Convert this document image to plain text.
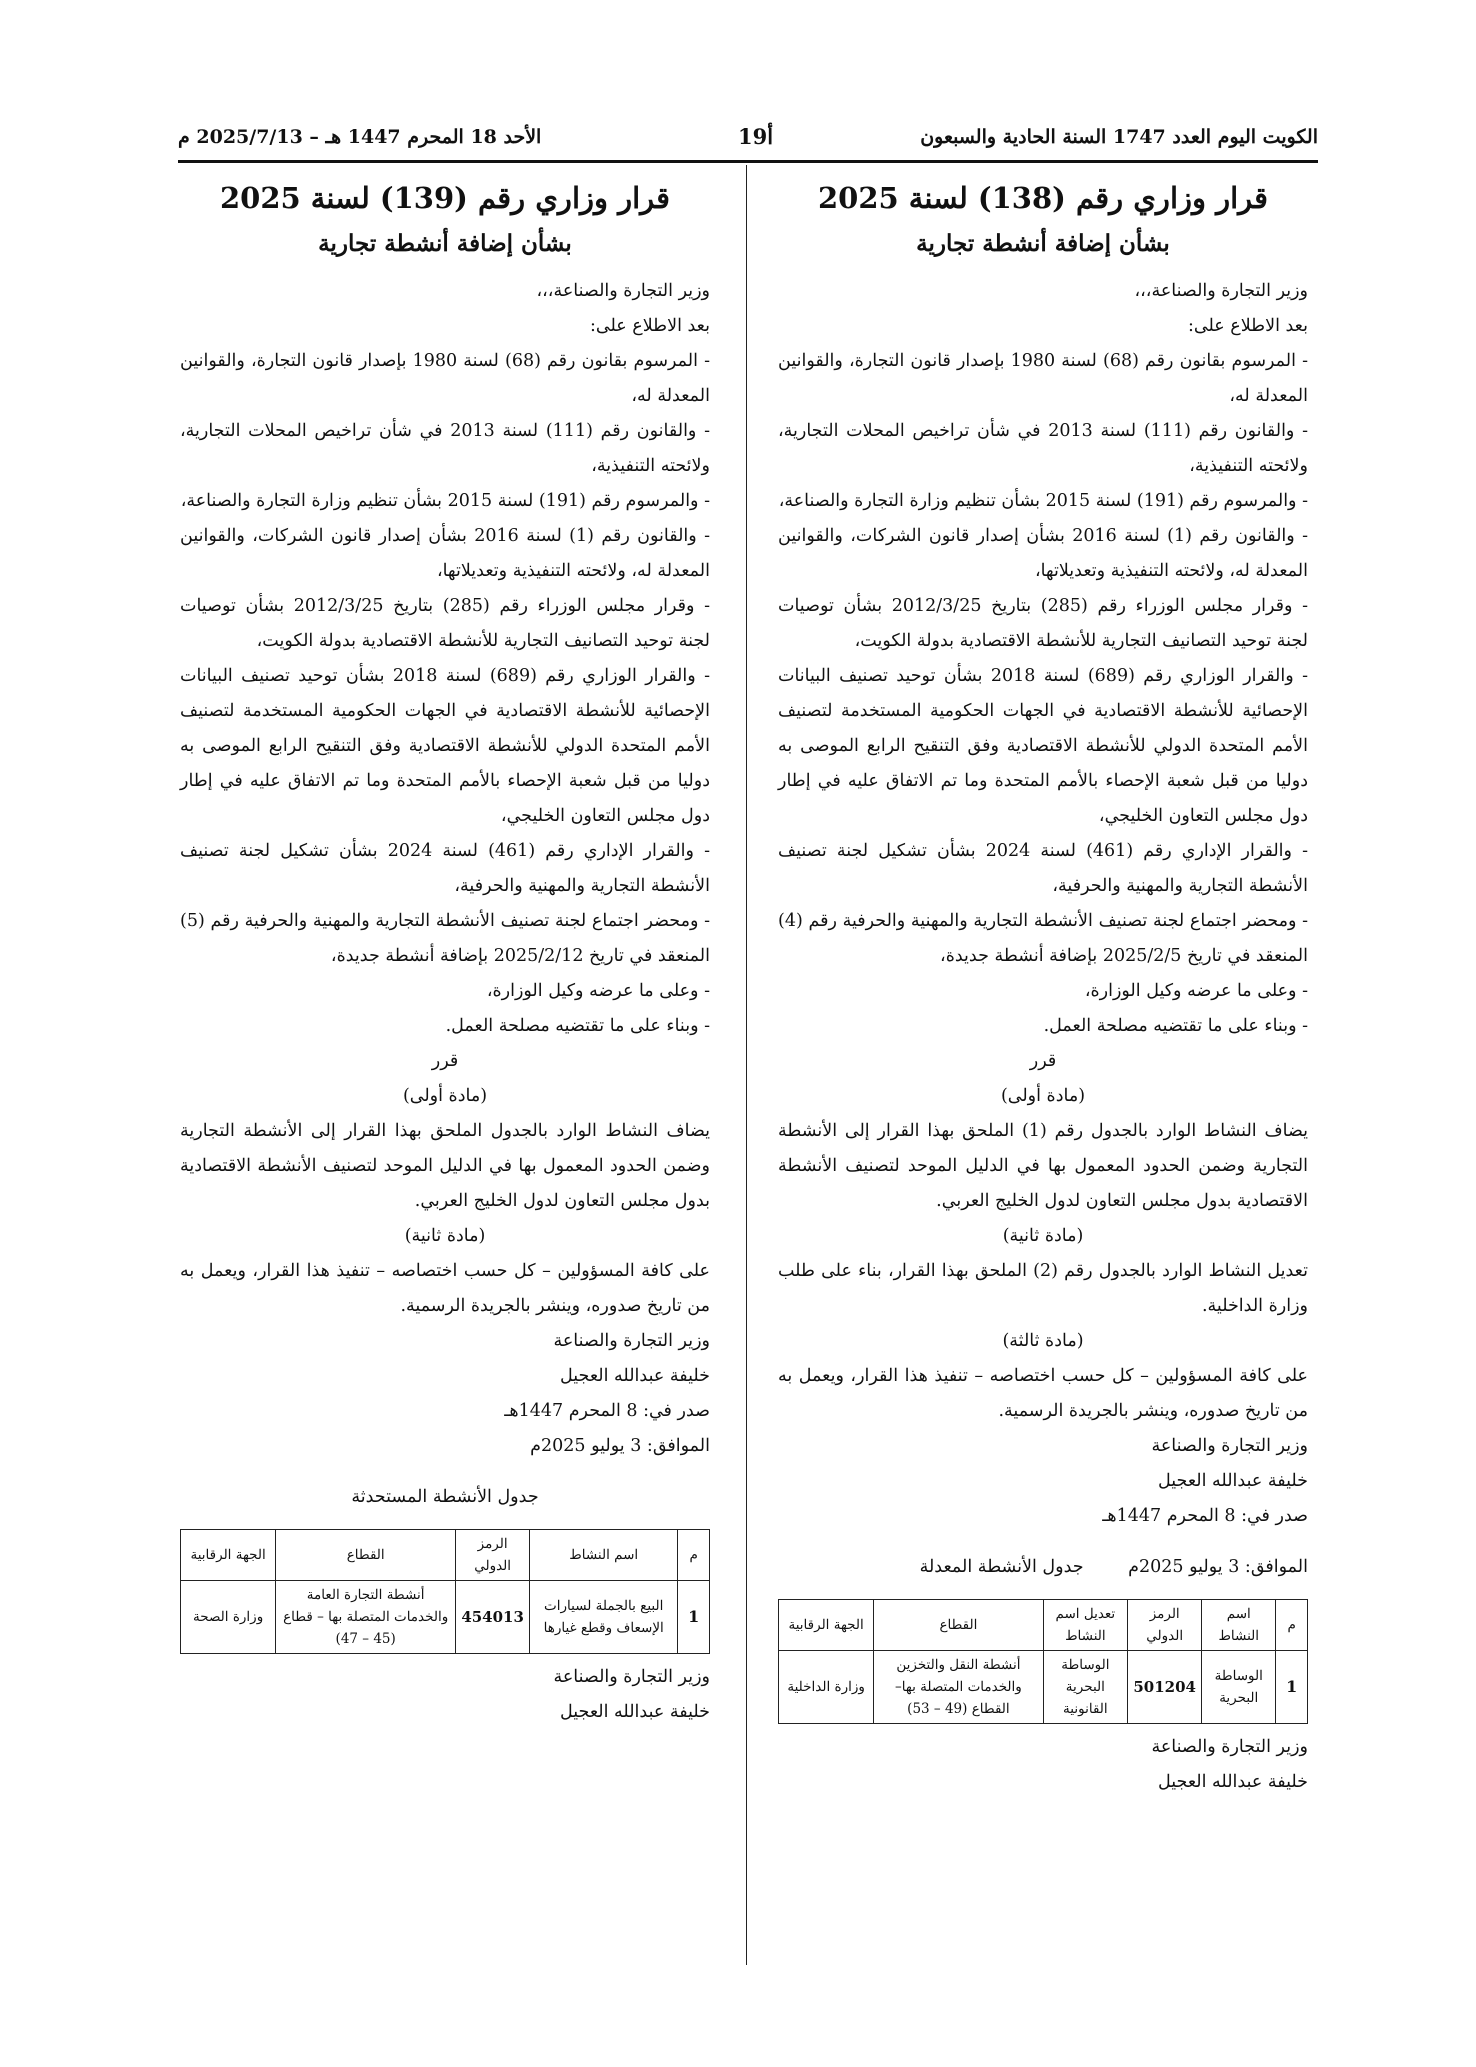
الكويت اليوم العدد 1747 السنة الحادية والسبعون
19أ
الأحد 18 المحرم 1447 هـ – 2025/7/13 م
قرار وزاري رقم (138) لسنة 2025
بشأن إضافة أنشطة تجارية

وزير التجارة والصناعة،،،

بعد الاطلاع على:

- المرسوم بقانون رقم (68) لسنة 1980 بإصدار قانون التجارة، والقوانين المعدلة له،

- والقانون رقم (111) لسنة 2013 في شأن تراخيص المحلات التجارية، ولائحته التنفيذية،

- والمرسوم رقم (191) لسنة 2015 بشأن تنظيم وزارة التجارة والصناعة،

- والقانون رقم (1) لسنة 2016 بشأن إصدار قانون الشركات، والقوانين المعدلة له، ولائحته التنفيذية وتعديلاتها،

- وقرار مجلس الوزراء رقم (285) بتاريخ 2012/3/25 بشأن توصيات لجنة توحيد التصانيف التجارية للأنشطة الاقتصادية بدولة الكويت،

- والقرار الوزاري رقم (689) لسنة 2018 بشأن توحيد تصنيف البيانات الإحصائية للأنشطة الاقتصادية في الجهات الحكومية المستخدمة لتصنيف الأمم المتحدة الدولي للأنشطة الاقتصادية وفق التنقيح الرابع الموصى به دوليا من قبل شعبة الإحصاء بالأمم المتحدة وما تم الاتفاق عليه في إطار دول مجلس التعاون الخليجي،

- والقرار الإداري رقم (461) لسنة 2024 بشأن تشكيل لجنة تصنيف الأنشطة التجارية والمهنية والحرفية،

- ومحضر اجتماع لجنة تصنيف الأنشطة التجارية والمهنية والحرفية رقم (4) المنعقد في تاريخ 2025/2/5 بإضافة أنشطة جديدة،

- وعلى ما عرضه وكيل الوزارة،

- وبناء على ما تقتضيه مصلحة العمل.

قرر

(مادة أولى)

يضاف النشاط الوارد بالجدول رقم (1) الملحق بهذا القرار إلى الأنشطة التجارية وضمن الحدود المعمول بها في الدليل الموحد لتصنيف الأنشطة الاقتصادية بدول مجلس التعاون لدول الخليج العربي.

(مادة ثانية)

تعديل النشاط الوارد بالجدول رقم (2) الملحق بهذا القرار، بناء على طلب وزارة الداخلية.

(مادة ثالثة)

على كافة المسؤولين – كل حسب اختصاصه – تنفيذ هذا القرار، ويعمل به من تاريخ صدوره، وينشر بالجريدة الرسمية.

وزير التجارة والصناعة

خليفة عبدالله العجيل

صدر في: 8 المحرم 1447هـ

الموافق: 3 يوليو 2025م        جدول الأنشطة المعدلة

م	اسم النشاط	الرمز الدولي	تعديل اسم النشاط	القطاع	الجهة الرقابية
1	الوساطة البحرية	501204	الوساطة البحرية القانونية	أنشطة النقل والتخزين والخدمات المتصلة بها– القطاع (49 – 53)	وزارة الداخلية

وزير التجارة والصناعة

خليفة عبدالله العجيل

قرار وزاري رقم (139) لسنة 2025
بشأن إضافة أنشطة تجارية

وزير التجارة والصناعة،،،

بعد الاطلاع على:

- المرسوم بقانون رقم (68) لسنة 1980 بإصدار قانون التجارة، والقوانين المعدلة له،

- والقانون رقم (111) لسنة 2013 في شأن تراخيص المحلات التجارية، ولائحته التنفيذية،

- والمرسوم رقم (191) لسنة 2015 بشأن تنظيم وزارة التجارة والصناعة،

- والقانون رقم (1) لسنة 2016 بشأن إصدار قانون الشركات، والقوانين المعدلة له، ولائحته التنفيذية وتعديلاتها،

- وقرار مجلس الوزراء رقم (285) بتاريخ 2012/3/25 بشأن توصيات لجنة توحيد التصانيف التجارية للأنشطة الاقتصادية بدولة الكويت،

- والقرار الوزاري رقم (689) لسنة 2018 بشأن توحيد تصنيف البيانات الإحصائية للأنشطة الاقتصادية في الجهات الحكومية المستخدمة لتصنيف الأمم المتحدة الدولي للأنشطة الاقتصادية وفق التنقيح الرابع الموصى به دوليا من قبل شعبة الإحصاء بالأمم المتحدة وما تم الاتفاق عليه في إطار دول مجلس التعاون الخليجي،

- والقرار الإداري رقم (461) لسنة 2024 بشأن تشكيل لجنة تصنيف الأنشطة التجارية والمهنية والحرفية،

- ومحضر اجتماع لجنة تصنيف الأنشطة التجارية والمهنية والحرفية رقم (5) المنعقد في تاريخ 2025/2/12 بإضافة أنشطة جديدة،

- وعلى ما عرضه وكيل الوزارة،

- وبناء على ما تقتضيه مصلحة العمل.

قرر

(مادة أولى)

يضاف النشاط الوارد بالجدول الملحق بهذا القرار إلى الأنشطة التجارية وضمن الحدود المعمول بها في الدليل الموحد لتصنيف الأنشطة الاقتصادية بدول مجلس التعاون لدول الخليج العربي.

(مادة ثانية)

على كافة المسؤولين – كل حسب اختصاصه – تنفيذ هذا القرار، ويعمل به من تاريخ صدوره، وينشر بالجريدة الرسمية.

وزير التجارة والصناعة

خليفة عبدالله العجيل

صدر في: 8 المحرم 1447هـ

الموافق: 3 يوليو 2025م

جدول الأنشطة المستحدثة

م	اسم النشاط	الرمز الدولي	القطاع	الجهة الرقابية
1	البيع بالجملة لسيارات الإسعاف وقطع غيارها	454013	أنشطة التجارة العامة والخدمات المتصلة بها – قطاع (45 – 47)	وزارة الصحة

وزير التجارة والصناعة

خليفة عبدالله العجيل
